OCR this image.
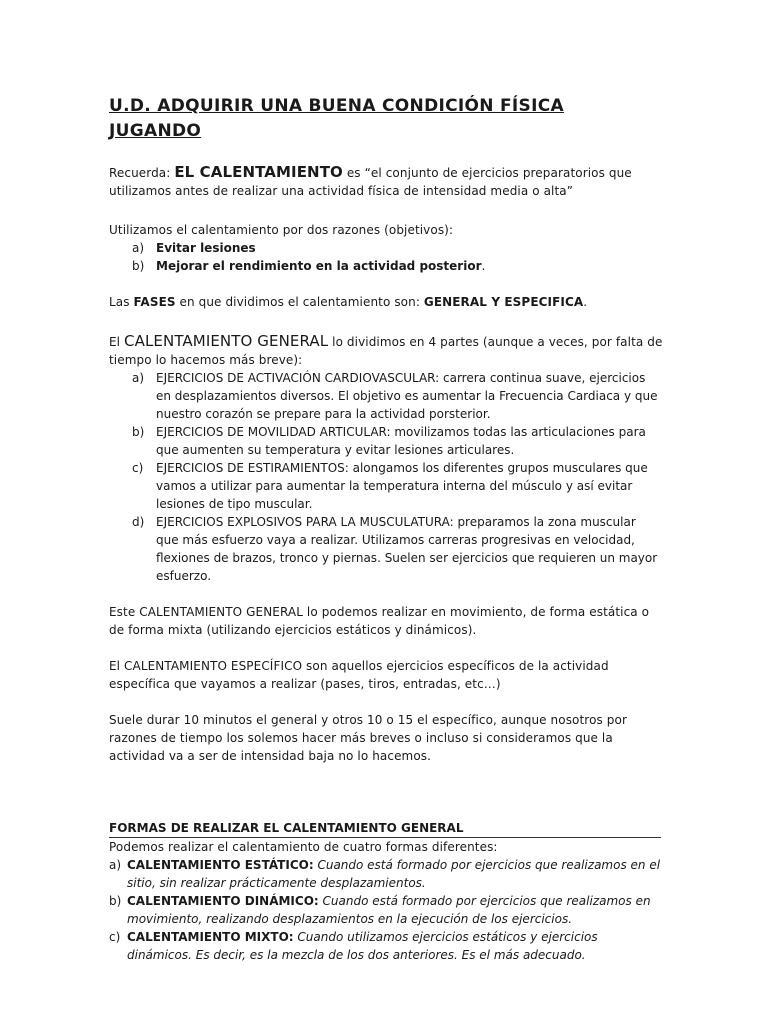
U.D. ADQUIRIR UNA BUENA CONDICIÓN FÍSICA JUGANDO
Recuerda: EL CALENTAMIENTO es “el conjunto de ejercicios preparatorios que utilizamos antes de realizar una actividad física de intensidad media o alta”
Utilizamos el calentamiento por dos razones (objetivos):
a) Evitar lesiones
b) Mejorar el rendimiento en la actividad posterior.
Las FASES en que dividimos el calentamiento son: GENERAL Y ESPECIFICA.
El CALENTAMIENTO GENERAL lo dividimos en 4 partes (aunque a veces, por falta de tiempo lo hacemos más breve):
a) EJERCICIOS DE ACTIVACIÓN CARDIOVASCULAR: carrera continua suave, ejercicios en desplazamientos diversos. El objetivo es aumentar la Frecuencia Cardiaca y que nuestro corazón se prepare para la actividad porsterior.
b) EJERCICIOS DE MOVILIDAD ARTICULAR: movilizamos todas las articulaciones para que aumenten su temperatura y evitar lesiones articulares.
c)	EJERCICIOS DE ESTIRAMIENTOS: alongamos los diferentes grupos musculares que vamos a utilizar para aumentar la temperatura interna del músculo y así evitar lesiones de tipo muscular.
d) EJERCICIOS EXPLOSIVOS PARA LA MUSCULATURA: preparamos la zona muscular que más esfuerzo vaya a realizar. Utilizamos carreras progresivas en velocidad, flexiones de brazos, tronco y piernas. Suelen ser ejercicios que requieren un mayor esfuerzo.
Este CALENTAMIENTO GENERAL lo podemos realizar en movimiento, de forma estática o de forma mixta (utilizando ejercicios estáticos y dinámicos).
El CALENTAMIENTO ESPECÍFICO son aquellos ejercicios específicos de la actividad específica que vayamos a realizar (pases, tiros, entradas, etc…)
Suele durar 10 minutos el general y otros 10 o 15 el específico, aunque nosotros por razones de tiempo los solemos hacer más breves o incluso si consideramos que la actividad va a ser de intensidad baja no lo hacemos.
FORMAS DE REALIZAR EL CALENTAMIENTO GENERAL
Podemos realizar el calentamiento de cuatro formas diferentes:
a) CALENTAMIENTO ESTÁTICO: Cuando está formado por ejercicios que realizamos en el sitio, sin realizar prácticamente desplazamientos.
b) CALENTAMIENTO DINÁMICO: Cuando está formado por ejercicios que realizamos en movimiento, realizando desplazamientos en la ejecución de los ejercicios.
c) CALENTAMIENTO MIXTO: Cuando utilizamos ejercicios estáticos y ejercicios dinámicos. Es decir, es la mezcla de los dos anteriores. Es el más adecuado.
